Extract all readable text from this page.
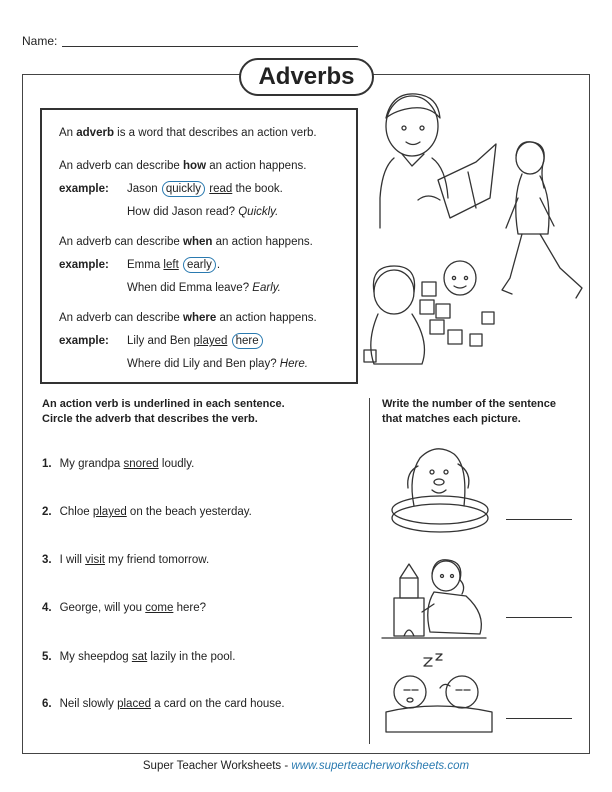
Name:
Adverbs
An adverb is a word that describes an action verb.
An adverb can describe how an action happens.
example: Jason quickly read the book.
How did Jason read? Quickly.
An adverb can describe when an action happens.
example: Emma left early .
When did Emma leave? Early.
An adverb can describe where an action happens.
example: Lily and Ben played here
Where did Lily and Ben play? Here.
An action verb is underlined in each sentence.
Circle the adverb that describes the verb.
Write the number of the sentence
that matches each picture.
1. My grandpa snored loudly.
2. Chloe played on the beach yesterday.
3. I will visit my friend tomorrow.
4. George, will you come here?
5. My sheepdog sat lazily in the pool.
6. Neil slowly placed a card on the card house.
Super Teacher Worksheets - www.superteacherworksheets.com
